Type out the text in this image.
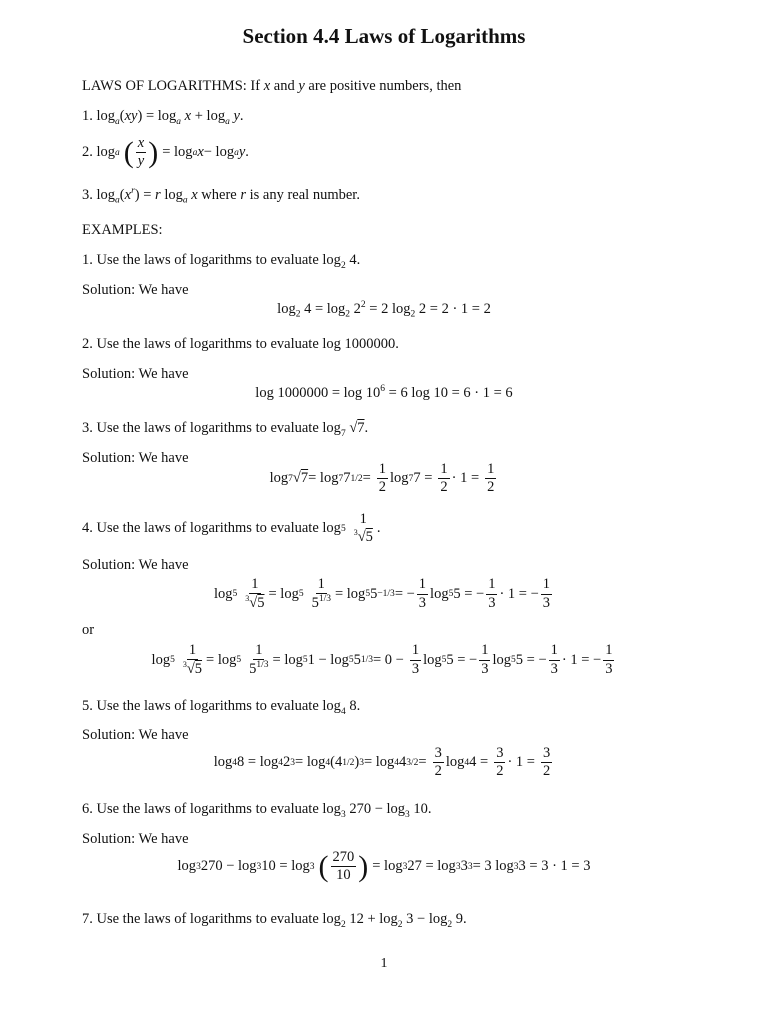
Section 4.4 Laws of Logarithms
LAWS OF LOGARITHMS: If x and y are positive numbers, then
1. $\log_a(xy) = \log_a x + \log_a y$.
2. log a ( $\frac{x}{y}$ ) = log a x − log a y .
3. $\log_a(x^r) = r$ $\log_a x$ where r is any real number.
EXAMPLES:
1. Use the laws of logarithms to evaluate $\log_2 4$.
Solution: We have
$\log_2 4 = \log_2 2^2 = 2$ $\log_2 2 = 2 \cdot 1 = 2$
2. Use the laws of logarithms to evaluate log 1000000.
Solution: We have
$\log 1000000 = \log 10^6 = 6$ log 10 = 6 · 1 = 6
3. Use the laws of logarithms to evaluate $\log_7 √7$.
Solution: We have
log 7 √ 7 = log 7 7 $1/2 = \frac{1}{2}$ log 7 $7 = \frac{1}{2} \cdot 1 = \frac{1}{2}$
4. Use the laws of logarithms to evaluate log 5
1
$^3$√5
.
Solution: We have
$\log 5 \frac{1}{^3√5} = \log 5 \frac{1}{5^{1/3}} = \log 5$ 5 −1/3 = − $\frac{1}{3}$ log 5 5 = − $\frac{1}{3} \cdot 1$ = − $\frac{1}{3}$
or
$\log 5 \frac{1}{^3√5} = \log 5 \frac{1}{5^{1/3}} = \log 5$ 1 − log 5 5 $1/3 = 0 - \frac{1}{3}$ log 5 5 = − $\frac{1}{3}$ log 5 5 = − $\frac{1}{3} \cdot 1$ = − $\frac{1}{3}$
5. Use the laws of logarithms to evaluate $\log_4 8$.
Solution: We have
log 4 8 = log 4 2 3 = log 4 (4 1/2 ) 3 = log 4 4 $3/2 = \frac{3}{2}$ log 4 $4 = \frac{3}{2} \cdot 1 = \frac{3}{2}$
6. Use the laws of logarithms to evaluate $\log_3 270 - \log_3 10$.
Solution: We have
log 3 270 − log 3 10 = log 3 ( $\frac{270}{10}$ ) = log 3 27 = log 3 3 3 = 3 log 3 3 = 3 · 1 = 3
7. Use the laws of logarithms to evaluate $\log_2 12 + \log_2 3 - \log_2 9$.
1
